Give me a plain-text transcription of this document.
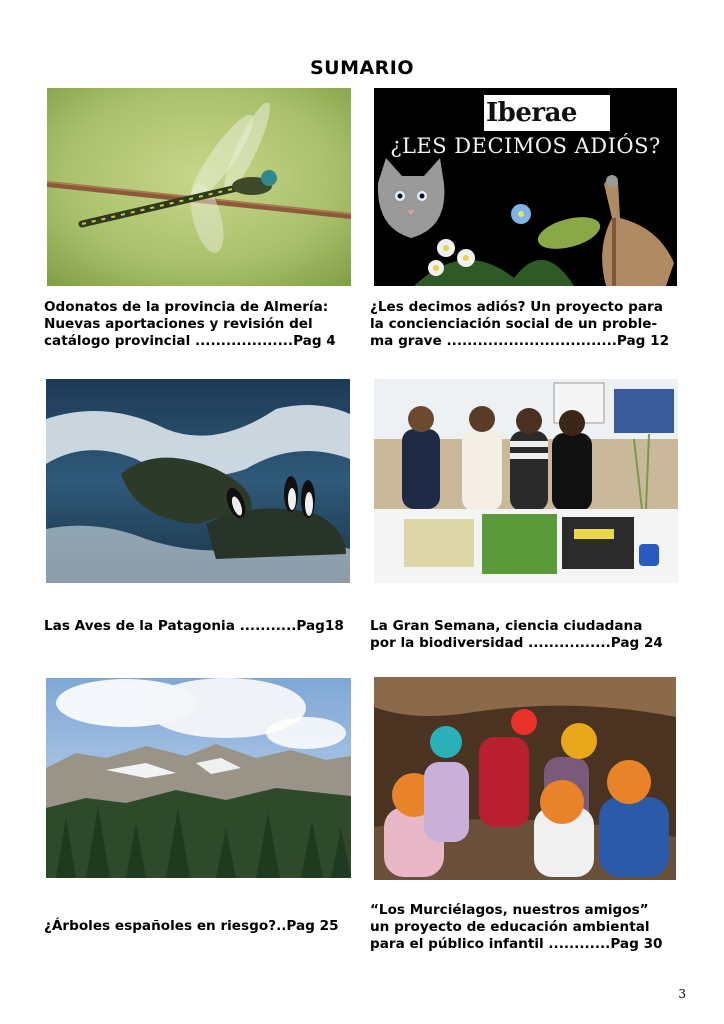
SUMARIO
Iberae
¿LES DECIMOS ADIÓS?
Odonatos de la provincia de Almería:
Nuevas aportaciones y revisión del
catálogo provincial ...................Pag 4
¿Les decimos adiós? Un proyecto para
la concienciación social de un proble-
ma grave .................................Pag 12
Las Aves de la Patagonia ...........Pag18	La Gran Semana, ciencia ciudadana
por la biodiversidad ................Pag 24
¿Árboles españoles en riesgo?..Pag 25
“Los Murciélagos, nuestros amigos”
un proyecto de educación ambiental
para el público infantil ............Pag 30
3
